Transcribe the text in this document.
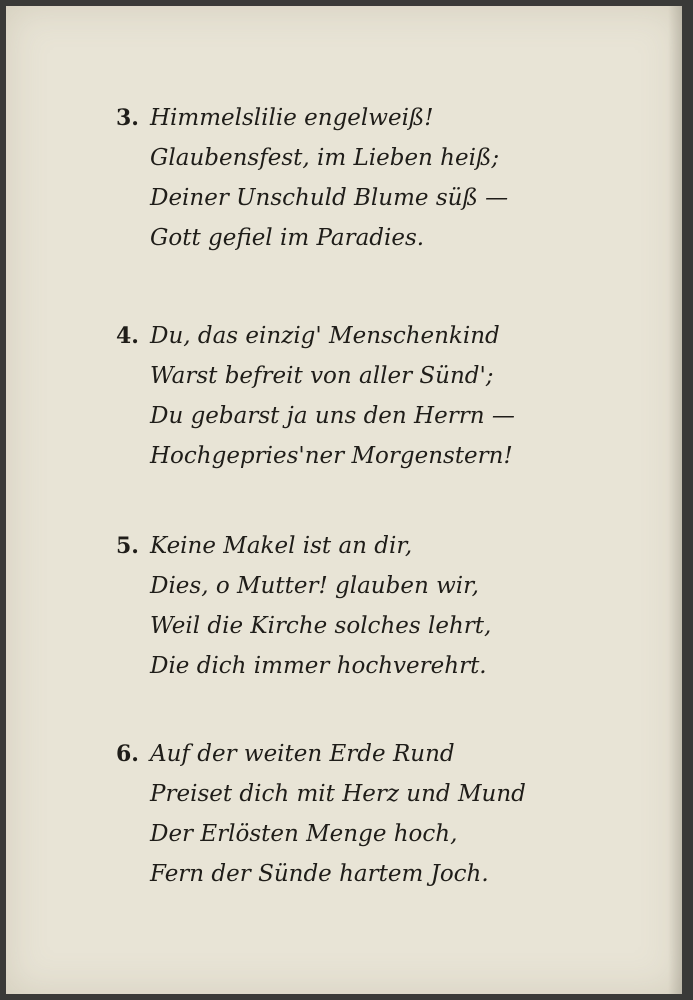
3. Himmelslilie engelweiß!
Glaubensfest, im Lieben heiß;
Deiner Unschuld Blume süß —
Gott gefiel im Paradies.
4. Du, das einzig' Menschenkind
Warst befreit von aller Sünd';
Du gebarst ja uns den Herrn —
Hochgepries'ner Morgenstern!
5. Keine Makel ist an dir,
Dies, o Mutter! glauben wir,
Weil die Kirche solches lehrt,
Die dich immer hochverehrt.
6. Auf der weiten Erde Rund
Preiset dich mit Herz und Mund
Der Erlösten Menge hoch,
Fern der Sünde hartem Joch.
